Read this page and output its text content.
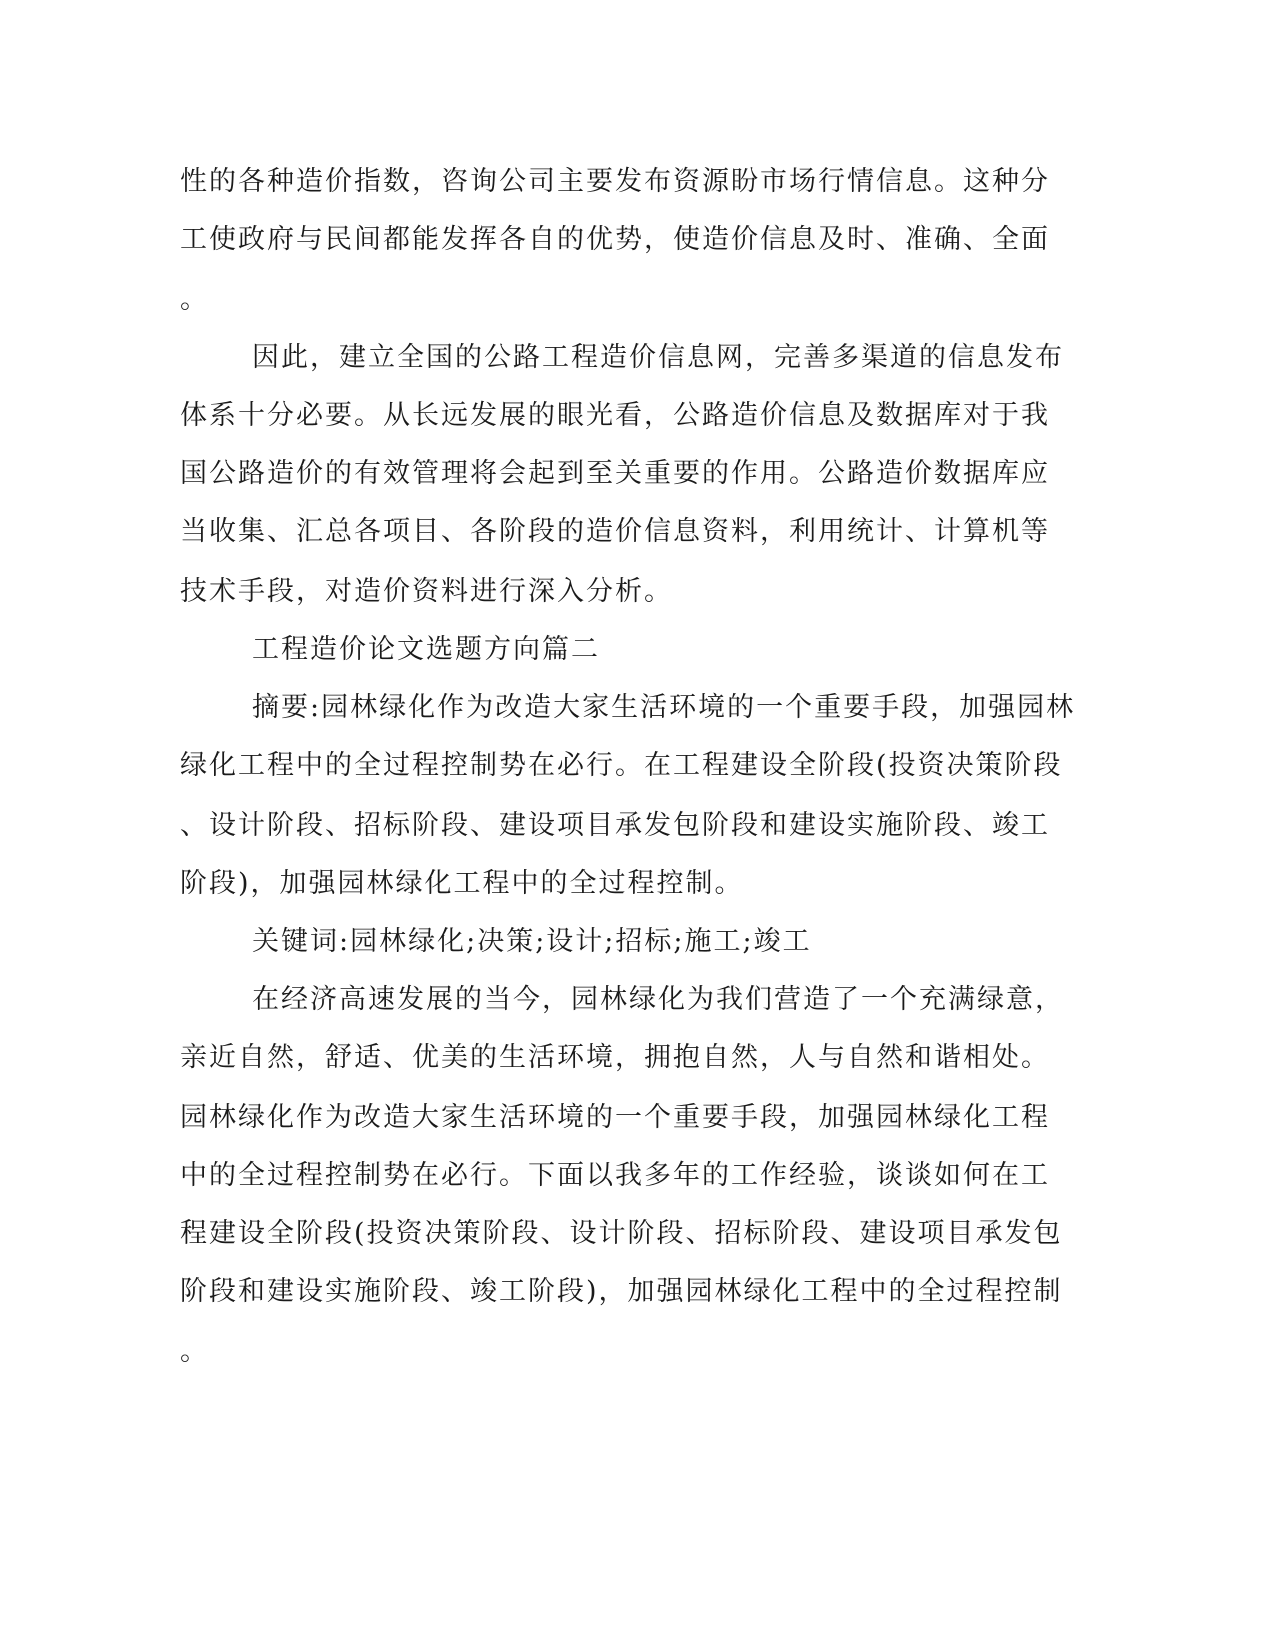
性的各种造价指数，咨询公司主要发布资源盼市场行情信息。这种分
工使政府与民间都能发挥各自的优势，使造价信息及时、准确、全面
。
因此，建立全国的公路工程造价信息网，完善多渠道的信息发布
体系十分必要。从长远发展的眼光看，公路造价信息及数据库对于我
国公路造价的有效管理将会起到至关重要的作用。公路造价数据库应
当收集、汇总各项目、各阶段的造价信息资料，利用统计、计算机等
技术手段，对造价资料进行深入分析。
工程造价论文选题方向篇二
摘要:园林绿化作为改造大家生活环境的一个重要手段，加强园林
绿化工程中的全过程控制势在必行。在工程建设全阶段(投资决策阶段
、设计阶段、招标阶段、建设项目承发包阶段和建设实施阶段、竣工
阶段)，加强园林绿化工程中的全过程控制。
关键词:园林绿化;决策;设计;招标;施工;竣工
在经济高速发展的当今，园林绿化为我们营造了一个充满绿意，
亲近自然，舒适、优美的生活环境，拥抱自然，人与自然和谐相处。
园林绿化作为改造大家生活环境的一个重要手段，加强园林绿化工程
中的全过程控制势在必行。下面以我多年的工作经验，谈谈如何在工
程建设全阶段(投资决策阶段、设计阶段、招标阶段、建设项目承发包
阶段和建设实施阶段、竣工阶段)，加强园林绿化工程中的全过程控制
。
